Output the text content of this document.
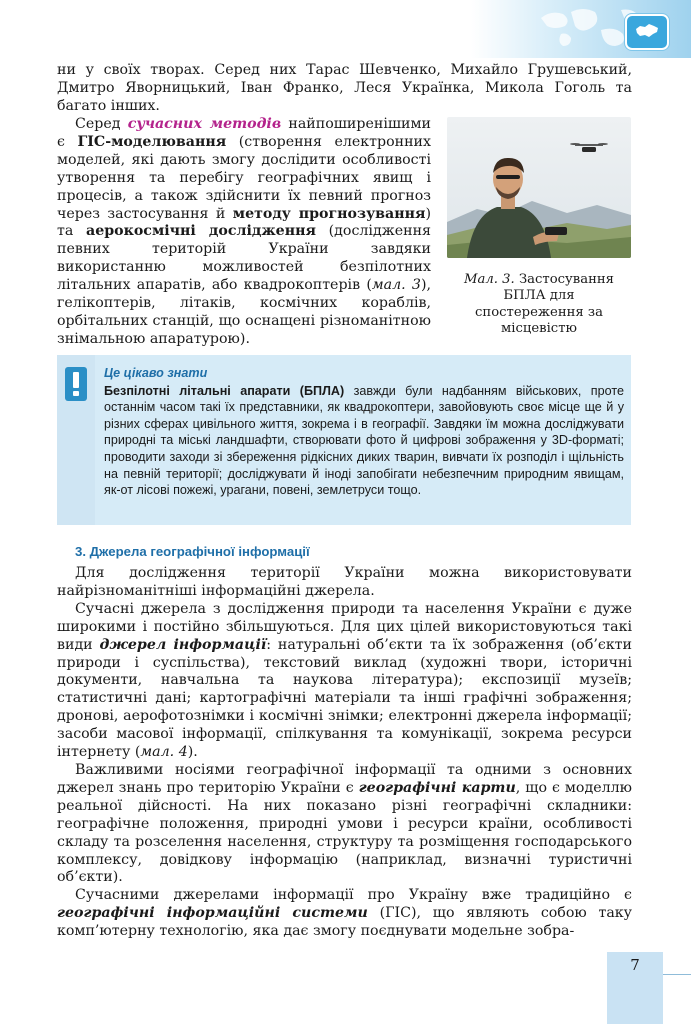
ни у своїх творах. Серед них Тарас Шевченко, Михайло Грушевський, Дмитро Яворницький, Іван Франко, Леся Українка, Микола Гоголь та багато інших.

Серед сучасних методів найпоширенішими є ГІС-моделювання (створення електронних моделей, які дають змогу дослідити особливості утворення та перебігу географічних явищ і процесів, а також здійснити їх певний прогноз через застосування й методу прогнозування) та аерокосмічні дослідження (дослідження певних територій України завдяки використанню можливостей безпілотних літальних апаратів, або квадрокоптерів (мал. 3), гелікоптерів, літаків, космічних кораблів, орбітальних станцій, що оснащені різноманітною знімальною апаратурою).

Мал. 3. Застосування БПЛА для спостереження за місцевістю
Це цікаво знати
Безпілотні літальні апарати (БПЛА) завжди були надбанням військових, проте останнім часом такі їх представники, як квадрокоптери, завойовують своє місце ще й у різних сферах цивільного життя, зокрема і в географії. Завдяки їм можна досліджувати природні та міські ландшафти, створювати фото й цифрові зображення у 3D-форматі; проводити заходи зі збереження рідкісних диких тварин, вивчати їх розподіл і щільність на певній території; досліджувати й іноді запобігати небезпечним природним явищам, як-от лісові пожежі, урагани, повені, землетруси тощо.
3. Джерела географічної інформації

Для дослідження території України можна використовувати найрізноманітніші інформаційні джерела.

Сучасні джерела з дослідження природи та населення України є дуже широкими і постійно збільшуються. Для цих цілей використовуються такі види джерел інформації: натуральні об’єкти та їх зображення (об’єкти природи і суспільства), текстовий виклад (художні твори, історичні документи, навчальна та наукова література); експозиції музеїв; статистичні дані; картографічні матеріали та інші графічні зображення; дронові, аерофотознімки і космічні знімки; електронні джерела інформації; засоби масової інформації, спілкування та комунікації, зокрема ресурси інтернету (мал. 4).

Важливими носіями географічної інформації та одними з основних джерел знань про територію України є географічні карти, що є моделлю реальної дійсності. На них показано різні географічні складники: географічне положення, природні умови і ресурси країни, особливості складу та розселення населення, структуру та розміщення господарського комплексу, довідкову інформацію (наприклад, визначні туристичні об’єкти).

Сучасними джерелами інформації про Україну вже традиційно є географічні інформаційні системи (ГІС), що являють собою таку комп’ютерну технологію, яка дає змогу поєднувати модельне зобра-

7
